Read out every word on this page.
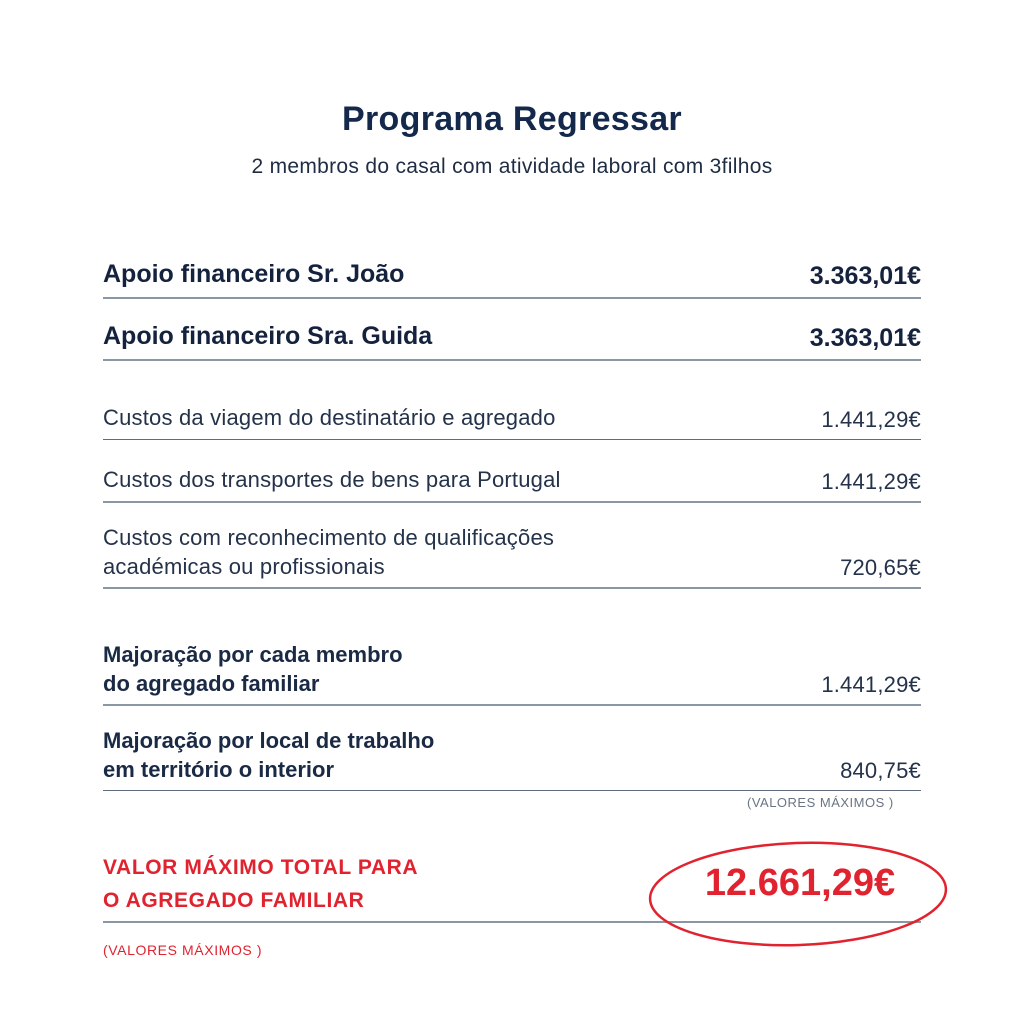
Programa Regressar
2 membros do casal com atividade laboral com 3filhos
Apoio financeiro Sr. João	3.363,01€
Apoio financeiro Sra. Guida	3.363,01€
Custos da viagem do destinatário e agregado	1.441,29€
Custos dos transportes de bens para Portugal	1.441,29€
Custos com reconhecimento de qualificações
académicas ou profissionais	720,65€
Majoração por cada membro
do agregado familiar	1.441,29€
Majoração por local de trabalho
em território o interior	840,75€
(VALORES MÁXIMOS )
VALOR MÁXIMO TOTAL PARA
O AGREGADO FAMILIAR	12.661,29€
(VALORES MÁXIMOS )
